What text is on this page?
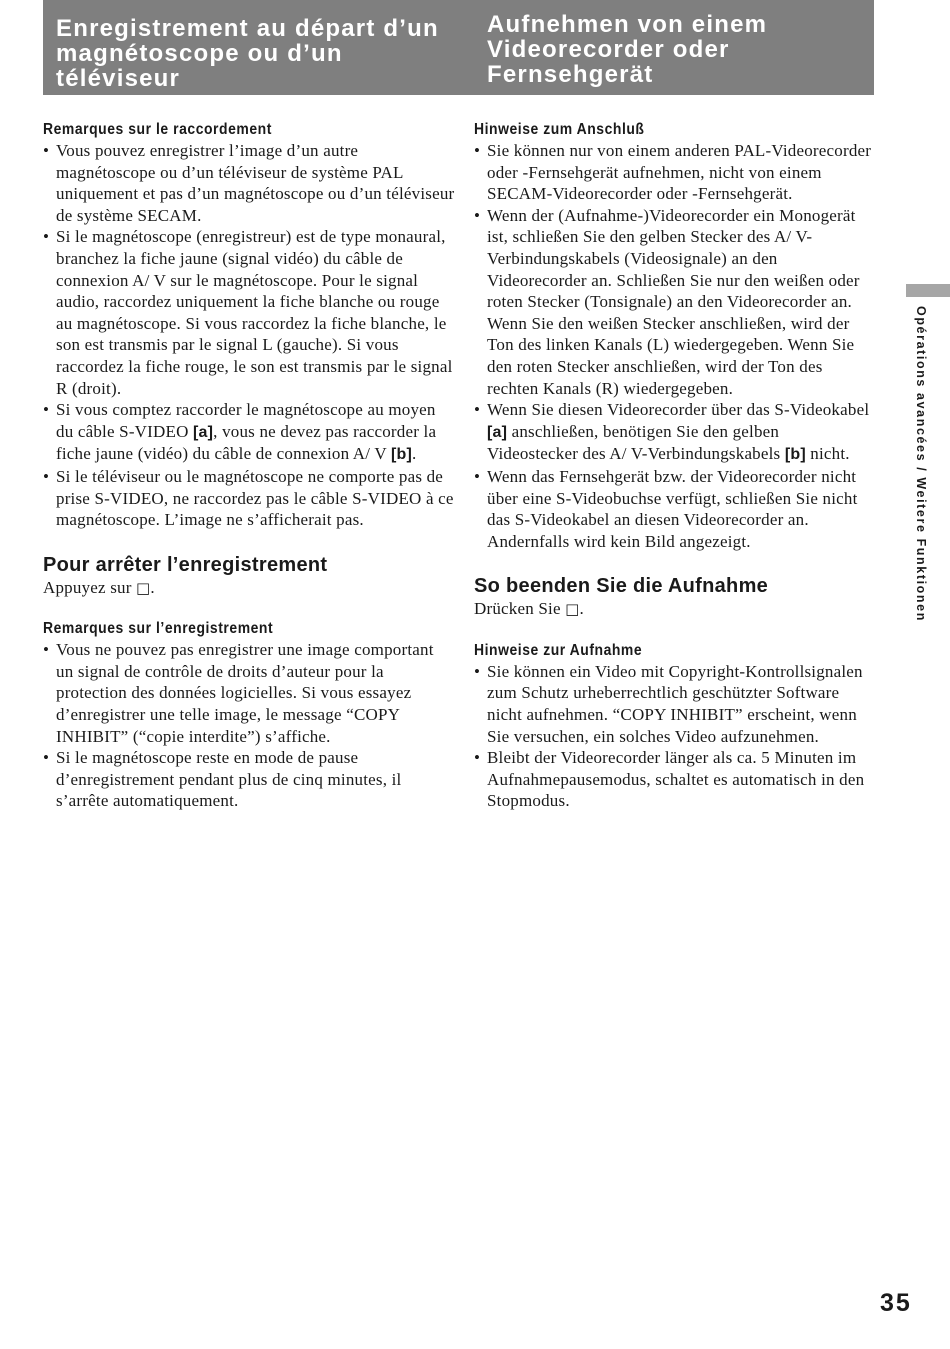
Enregistrement au départ d’un magnétoscope ou d’un téléviseur
Aufnehmen von einem Videorecorder oder Fernsehgerät

Remarques sur le raccordement

• Vous pouvez enregistrer l’image d’un autre magnétoscope ou d’un téléviseur de système PAL uniquement et pas d’un magnétoscope ou d’un téléviseur de système SECAM.
• Si le magnétoscope (enregistreur) est de type monaural, branchez la fiche jaune (signal vidéo) du câble de connexion A/ V sur le magnétoscope. Pour le signal audio, raccordez uniquement la fiche blanche ou rouge au magnétoscope. Si vous raccordez la fiche blanche, le son est transmis par le signal L (gauche). Si vous raccordez la fiche rouge, le son est transmis par le signal R (droit).
• Si vous comptez raccorder le magnétoscope au moyen du câble S-VIDEO [a], vous ne devez pas raccorder la fiche jaune (vidéo) du câble de connexion A/ V [b].
• Si le téléviseur ou le magnétoscope ne comporte pas de prise S-VIDEO, ne raccordez pas le câble S-VIDEO à ce magnétoscope. L’image ne s’afficherait pas.

Pour arrêter l’enregistrement

Appuyez sur □.

Remarques sur l’enregistrement

• Vous ne pouvez pas enregistrer une image comportant un signal de contrôle de droits d’auteur pour la protection des données logicielles. Si vous essayez d’enregistrer une telle image, le message “COPY INHIBIT” (“copie interdite”) s’affiche.
• Si le magnétoscope reste en mode de pause d’enregistrement pendant plus de cinq minutes, il s’arrête automatiquement.

Hinweise zum Anschluß

• Sie können nur von einem anderen PAL-Videorecorder oder -Fernsehgerät aufnehmen, nicht von einem SECAM-Videorecorder oder -Fernsehgerät.
• Wenn der (Aufnahme-)Videorecorder ein Monogerät ist, schließen Sie den gelben Stecker des A/ V-Verbindungskabels (Videosignale) an den Videorecorder an. Schließen Sie nur den weißen oder roten Stecker (Tonsignale) an den Videorecorder an. Wenn Sie den weißen Stecker anschließen, wird der Ton des linken Kanals (L) wiedergegeben. Wenn Sie den roten Stecker anschließen, wird der Ton des rechten Kanals (R) wiedergegeben.
• Wenn Sie diesen Videorecorder über das S-Videokabel [a] anschließen, benötigen Sie den gelben Videostecker des A/ V-Verbindungskabels [b] nicht.
• Wenn das Fernsehgerät bzw. der Videorecorder nicht über eine S-Videobuchse verfügt, schließen Sie nicht das S-Videokabel an diesen Videorecorder an. Andernfalls wird kein Bild angezeigt.

So beenden Sie die Aufnahme

Drücken Sie □.

Hinweise zur Aufnahme

• Sie können ein Video mit Copyright-Kontrollsignalen zum Schutz urheberrechtlich geschützter Software nicht aufnehmen. “COPY INHIBIT” erscheint, wenn Sie versuchen, ein solches Video aufzunehmen.
• Bleibt der Videorecorder länger als ca. 5 Minuten im Aufnahmepausemodus, schaltet es automatisch in den Stopmodus.
Opérations avancées / Weitere Funktionen
35
